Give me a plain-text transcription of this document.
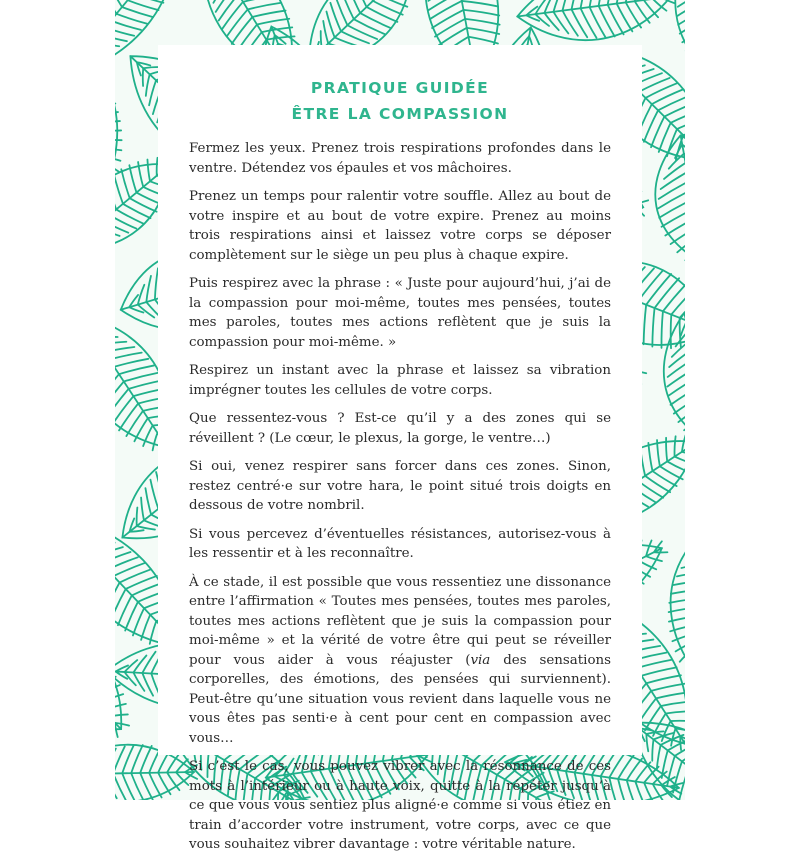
PRATIQUE GUIDÉE

ÊTRE LA COMPASSION

Fermez les yeux. Prenez trois respirations profondes dans le ventre. Détendez vos épaules et vos mâchoires.

Prenez un temps pour ralentir votre souffle. Allez au bout de votre inspire et au bout de votre expire. Prenez au moins trois respirations ainsi et laissez votre corps se déposer complètement sur le siège un peu plus à chaque expire.

Puis respirez avec la phrase : « Juste pour aujourd’hui, j’ai de la compassion pour moi-même, toutes mes pensées, toutes mes paroles, toutes mes actions reflètent que je suis la compassion pour moi-même. »

Respirez un instant avec la phrase et laissez sa vibration imprégner toutes les cellules de votre corps.

Que ressentez-vous ? Est-ce qu’il y a des zones qui se réveillent ? (Le cœur, le plexus, la gorge, le ventre…)

Si oui, venez respirer sans forcer dans ces zones. Sinon, restez centré·e sur votre hara, le point situé trois doigts en dessous de votre nombril.

Si vous percevez d’éventuelles résistances, autorisez-vous à les ressentir et à les reconnaître.

À ce stade, il est possible que vous ressentiez une dissonance entre l’affirmation « Toutes mes pensées, toutes mes paroles, toutes mes actions reflètent que je suis la compassion pour moi-même » et la vérité de votre être qui peut se réveiller pour vous aider à vous réajuster (via des sensations corporelles, des émotions, des pensées qui surviennent). Peut-être qu’une situation vous revient dans laquelle vous ne vous êtes pas senti·e à cent pour cent en compassion avec vous…

Si c’est le cas, vous pouvez vibrer avec la résonnance de ces mots à l’intérieur ou à haute voix, quitte à la répéter jusqu’à ce que vous vous sentiez plus aligné·e comme si vous étiez en train d’accorder votre instrument, votre corps, avec ce que vous souhaitez vibrer davantage : votre véritable nature.
